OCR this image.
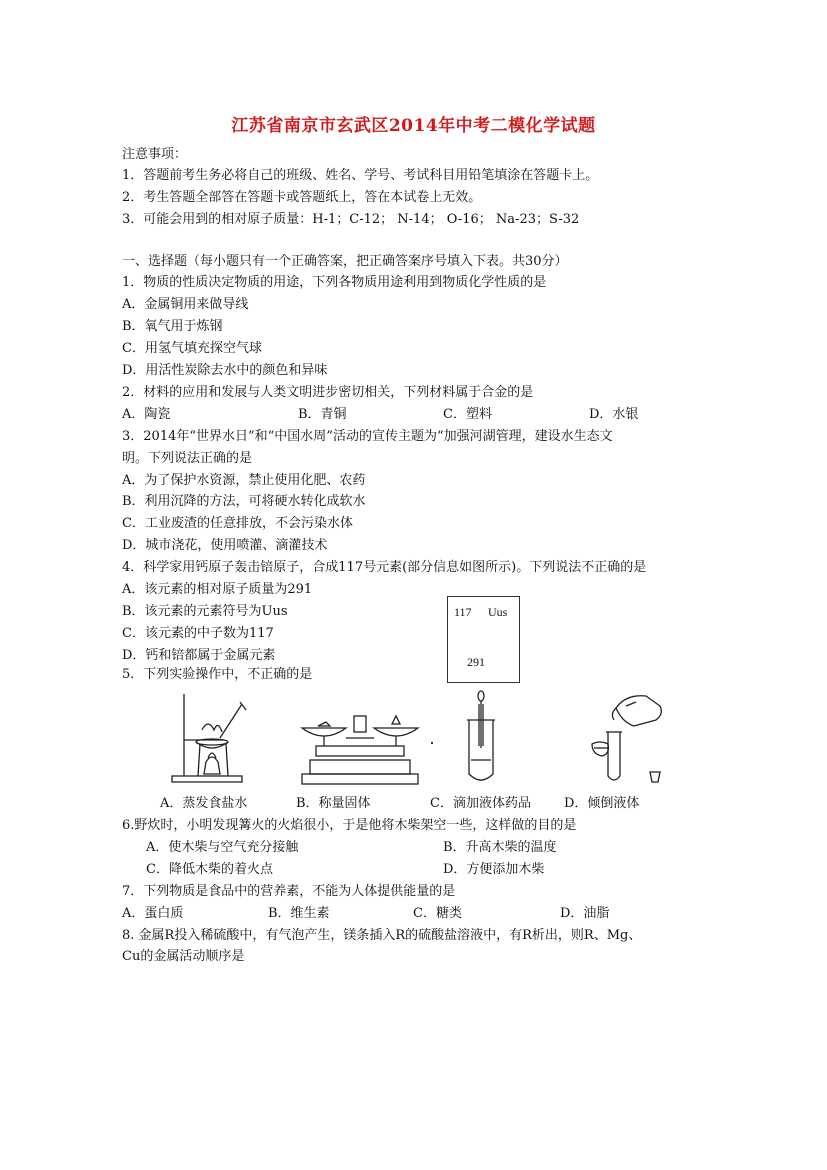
江苏省南京市玄武区2014年中考二模化学试题
注意事项：
1．答题前考生务必将自己的班级、姓名、学号、考试科目用铅笔填涂在答题卡上。
2．考生答题全部答在答题卡或答题纸上，答在本试卷上无效。
3．可能会用到的相对原子质量：H-1；C-12； N-14； O-16； Na-23；S-32
一、选择题（每小题只有一个正确答案，把正确答案序号填入下表。共30分）
1．物质的性质决定物质的用途，下列各物质用途利用到物质化学性质的是
A．金属铜用来做导线
B．氧气用于炼钢
C．用氢气填充探空气球
D．用活性炭除去水中的颜色和异味
2．材料的应用和发展与人类文明进步密切相关，下列材料属于合金的是
A．陶瓷	B．青铜	C．塑料	D．水银
3．2014年“世界水日”和“中国水周”活动的宣传主题为“加强河湖管理，建设水生态文
明。下列说法正确的是
A．为了保护水资源，禁止使用化肥、农药
B．利用沉降的方法，可将硬水转化成软水
C．工业废渣的任意排放，不会污染水体
D．城市浇花，使用喷灌、滴灌技术
4．科学家用钙原子轰击锫原子，合成117号元素(部分信息如图所示)。下列说法不正确的是
A．该元素的相对原子质量为291
B．该元素的元素符号为Uus
C．该元素的中子数为117
D．钙和锫都属于金属元素
117 Uus
291
5．下列实验操作中，不正确的是
A．蒸发食盐水	B．称量固体	C．滴加液体药品	D．倾倒液体
6.野炊时，小明发现篝火的火焰很小，于是他将木柴架空一些，这样做的目的是
A．使木柴与空气充分接触	B．升高木柴的温度
C．降低木柴的着火点	D．方便添加木柴
7．下列物质是食品中的营养素，不能为人体提供能量的是
A．蛋白质	B．维生素	C．糖类	D．油脂
8. 金属R投入稀硫酸中，有气泡产生，镁条插入R的硫酸盐溶液中，有R析出，则R、Mg、
Cu的金属活动顺序是
